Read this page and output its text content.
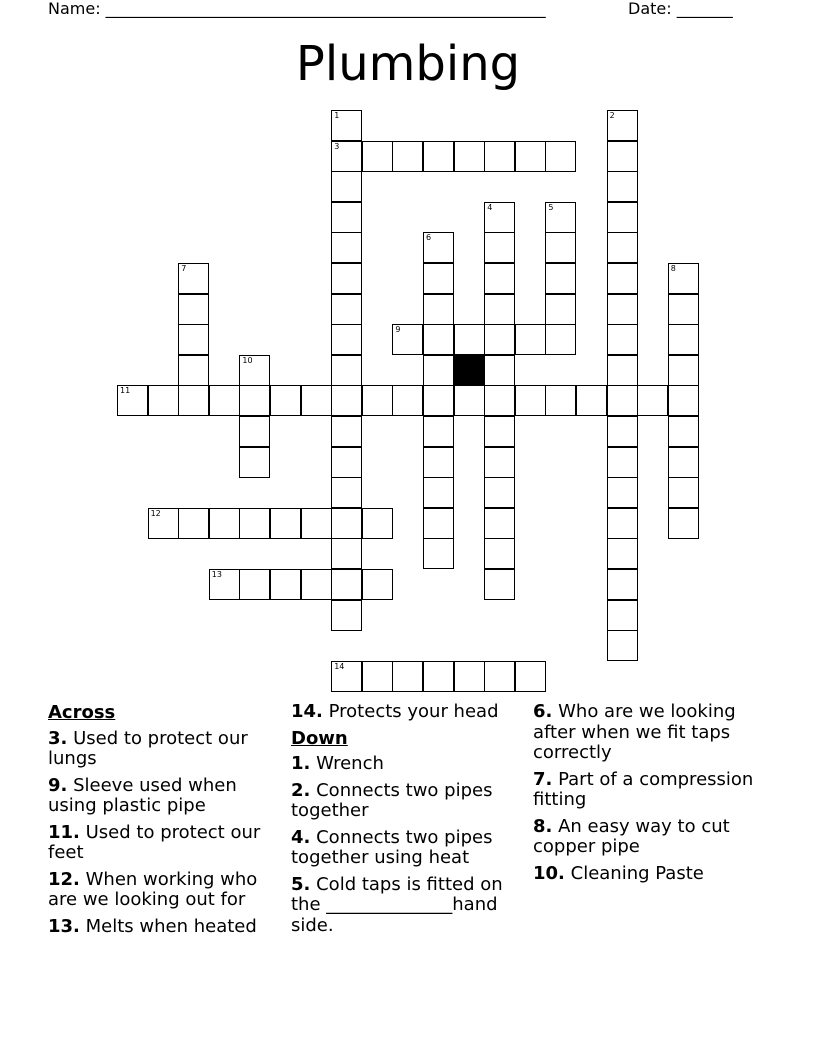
Name: _______________________________________________________	Date: _______
Plumbing
3
9
11
12
13
14
1	2
4	5
6
7	8
10
Across
3. Used to protect our lungs
9. Sleeve used when using plastic pipe
11. Used to protect our feet
12. When working who are we looking out for
13. Melts when heated
14. Protects your head
Down
1. Wrench
2. Connects two pipes together
4. Connects two pipes together using heat
5. Cold taps is fitted on the ______________hand side.
6. Who are we looking after when we fit taps correctly
7. Part of a compression fitting
8. An easy way to cut copper pipe
10. Cleaning Paste
